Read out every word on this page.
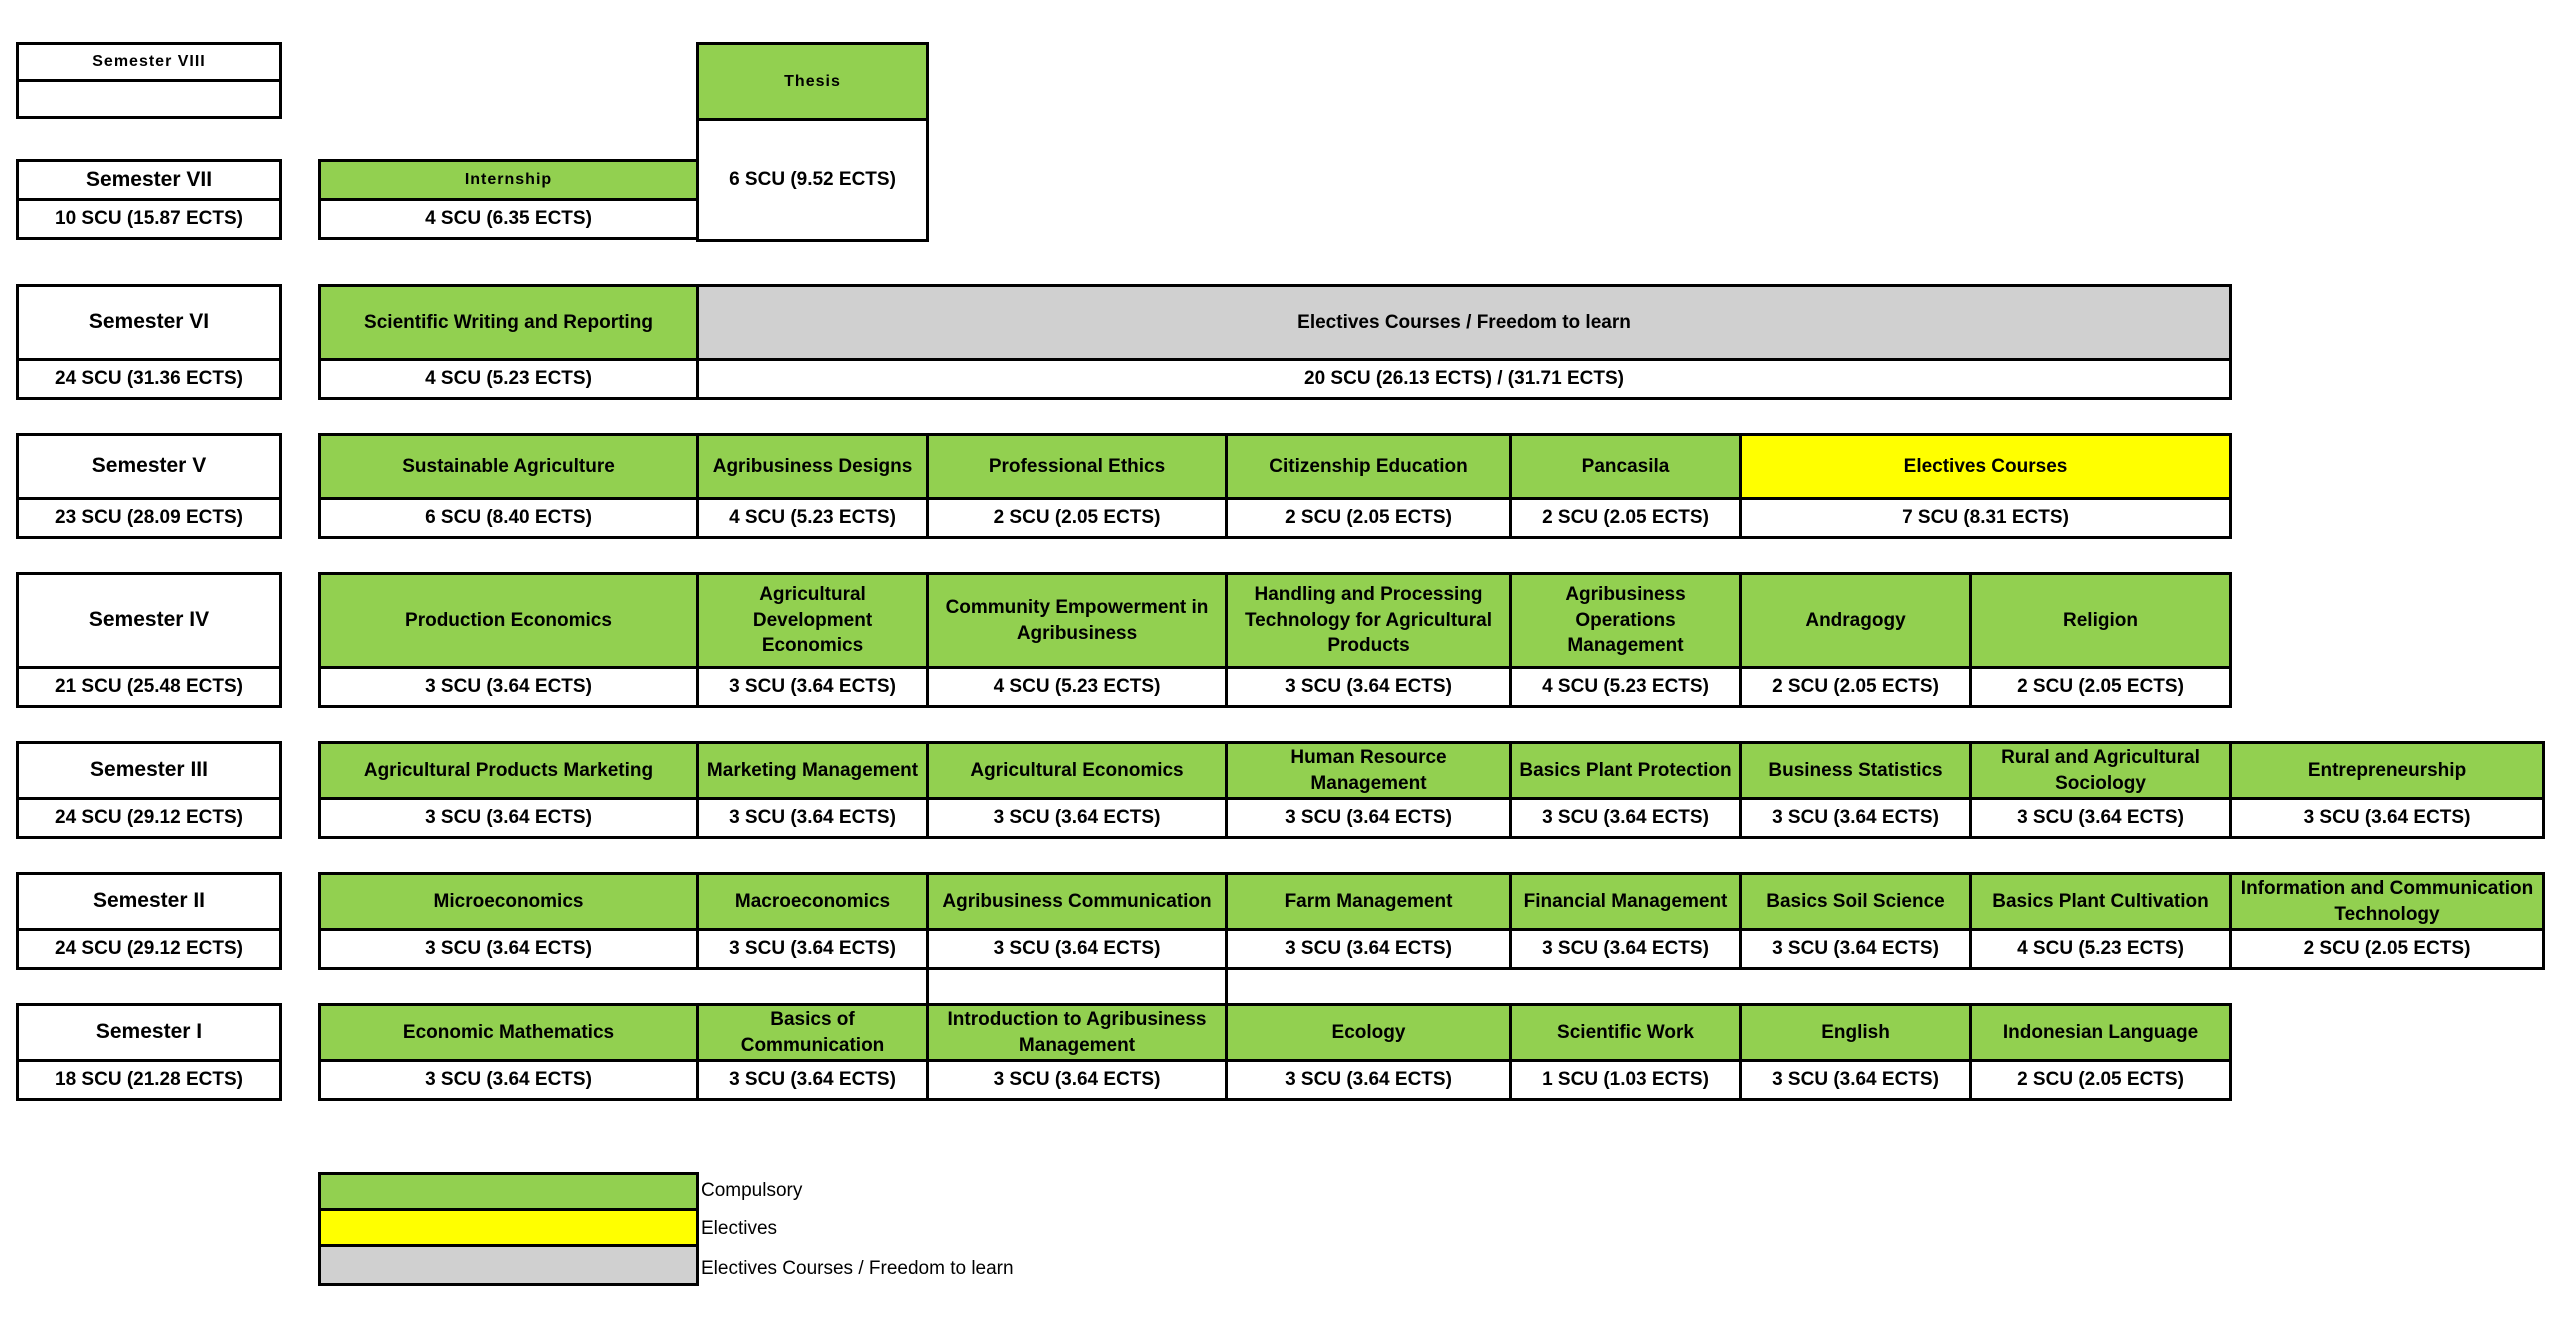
Semester VIII
Thesis
6 SCU (9.52 ECTS)
Semester VII
10 SCU (15.87 ECTS)
Internship
4 SCU (6.35 ECTS)
Semester VI
24 SCU (31.36 ECTS)
Scientific Writing and Reporting
4 SCU (5.23 ECTS)
Electives Courses / Freedom to learn
20 SCU (26.13 ECTS) / (31.71 ECTS)
Semester V
23 SCU (28.09 ECTS)
Sustainable Agriculture
6 SCU (8.40 ECTS)
Agribusiness Designs
4 SCU (5.23 ECTS)
Professional Ethics
2 SCU (2.05 ECTS)
Citizenship Education
2 SCU (2.05 ECTS)
Pancasila
2 SCU (2.05 ECTS)
Electives Courses
7 SCU (8.31 ECTS)
Semester IV
21 SCU (25.48 ECTS)
Production Economics
3 SCU (3.64 ECTS)
Agricultural Development Economics
3 SCU (3.64 ECTS)
Community Empowerment in Agribusiness
4 SCU (5.23 ECTS)
Handling and Processing Technology for Agricultural Products
3 SCU (3.64 ECTS)
Agribusiness Operations Management
4 SCU (5.23 ECTS)
Andragogy
2 SCU (2.05 ECTS)
Religion
2 SCU (2.05 ECTS)
Semester III
24 SCU (29.12 ECTS)
Agricultural Products Marketing
3 SCU (3.64 ECTS)
Marketing Management
3 SCU (3.64 ECTS)
Agricultural Economics
3 SCU (3.64 ECTS)
Human Resource Management
3 SCU (3.64 ECTS)
Basics Plant Protection
3 SCU (3.64 ECTS)
Business Statistics
3 SCU (3.64 ECTS)
Rural and Agricultural Sociology
3 SCU (3.64 ECTS)
Entrepreneurship
3 SCU (3.64 ECTS)
Semester II
24 SCU (29.12 ECTS)
Microeconomics
3 SCU (3.64 ECTS)
Macroeconomics
3 SCU (3.64 ECTS)
Agribusiness Communication
3 SCU (3.64 ECTS)
Farm Management
3 SCU (3.64 ECTS)
Financial Management
3 SCU (3.64 ECTS)
Basics Soil Science
3 SCU (3.64 ECTS)
Basics Plant Cultivation
4 SCU (5.23 ECTS)
Information and Communication Technology
2 SCU (2.05 ECTS)
Semester I
18 SCU (21.28 ECTS)
Economic Mathematics
3 SCU (3.64 ECTS)
Basics of Communication
3 SCU (3.64 ECTS)
Introduction to Agribusiness Management
3 SCU (3.64 ECTS)
Ecology
3 SCU (3.64 ECTS)
Scientific Work
1 SCU (1.03 ECTS)
English
3 SCU (3.64 ECTS)
Indonesian Language
2 SCU (2.05 ECTS)
Compulsory
Electives
Electives Courses / Freedom to learn
